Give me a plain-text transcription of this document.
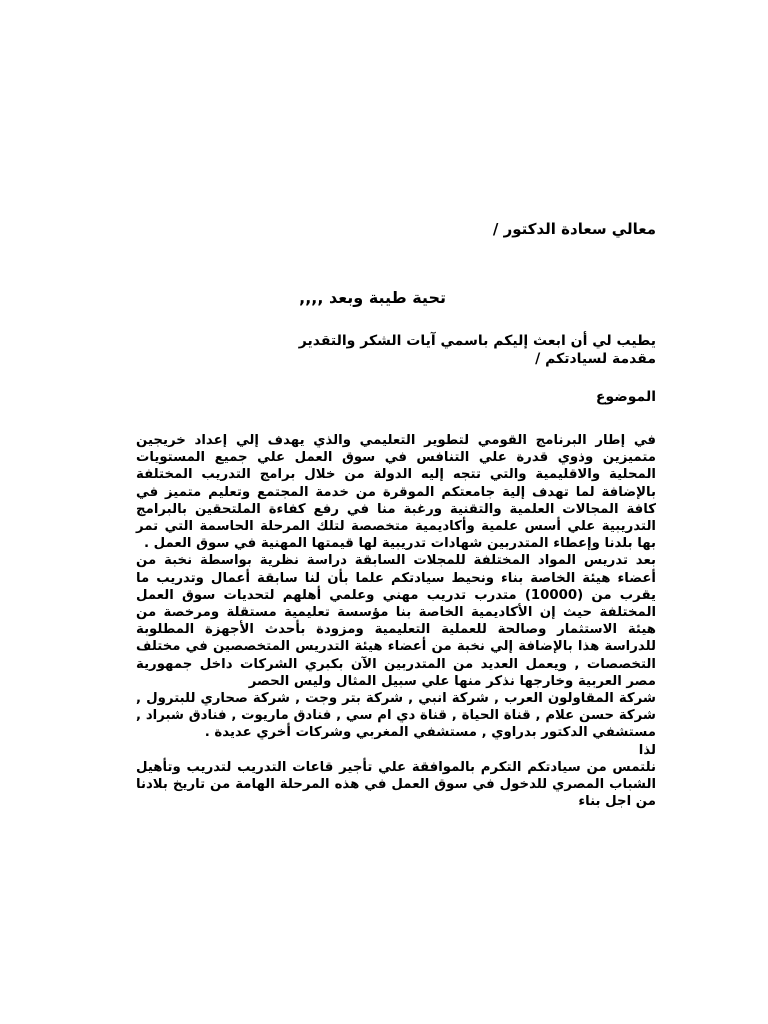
معالي سعادة الدكتور /
تحية طيبة وبعد ,,,,
يطيب لي أن ابعث إليكم باسمي آيات الشكر والتقدير
مقدمة لسيادتكم /
الموضوع

في إطار البرنامج القومي لتطوير التعليمي والذي يهدف إلي إعداد خريجين متميزين وذوي قدرة علي التنافس في سوق العمل علي جميع المستويات المحلية والاقليمية والتي تتجه إليه الدولة من خلال برامج التدريب المختلفة بالإضافة لما تهدف إلية جامعتكم الموقرة من خدمة المجتمع وتعليم متميز في كافة المجالات العلمية والتقنية ورغبة منا في رفع كفاءة الملتحقين بالبرامج التدريبية علي أسس علمية وأكاديمية متخصصة لتلك المرحلة الحاسمة التي تمر بها بلدنا وإعطاء المتدربين شهادات تدريبية لها قيمتها المهنية في سوق العمل .

بعد تدريس المواد المختلفة للمجلات السابقة دراسة نظرية بواسطة نخبة من أعضاء هيئة الخاصة بناء ونحيط سيادتكم علما بأن لنا سابقة أعمال وتدريب ما يقرب من (10000) متدرب تدريب مهني وعلمي أهلهم لتحديات سوق العمل المختلفة حيث إن الأكاديمية الخاصة بنا مؤسسة تعليمية مستقلة ومرخصة من هيئة الاستثمار وصالحة للعملية التعليمية ومزودة بأحدث الأجهزة المطلوبة للدراسة هذا بالإضافة إلي نخبة من أعضاء هيئة التدريس المتخصصين في مختلف التخصصات , ويعمل العديد من المتدربين الآن بكبري الشركات داخل جمهورية مصر العربية وخارجها نذكر منها علي سبيل المثال وليس الحصر

شركة المقاولون العرب , شركة انبي , شركة بتر وجت , شركة صحاري للبترول , شركة حسن علام , قناة الحياة , قناة دي ام سي , فنادق ماريوت , فنادق شبراد , مستشفي الدكتور بدراوي , مستشفي المغربي وشركات أخري عديدة .

لذا

نلتمس من سيادتكم التكرم بالموافقة علي تأجير قاعات التدريب لتدريب وتأهيل الشباب المصري للدخول في سوق العمل في هذه المرحلة الهامة من تاريخ بلادنا من اجل بناء
